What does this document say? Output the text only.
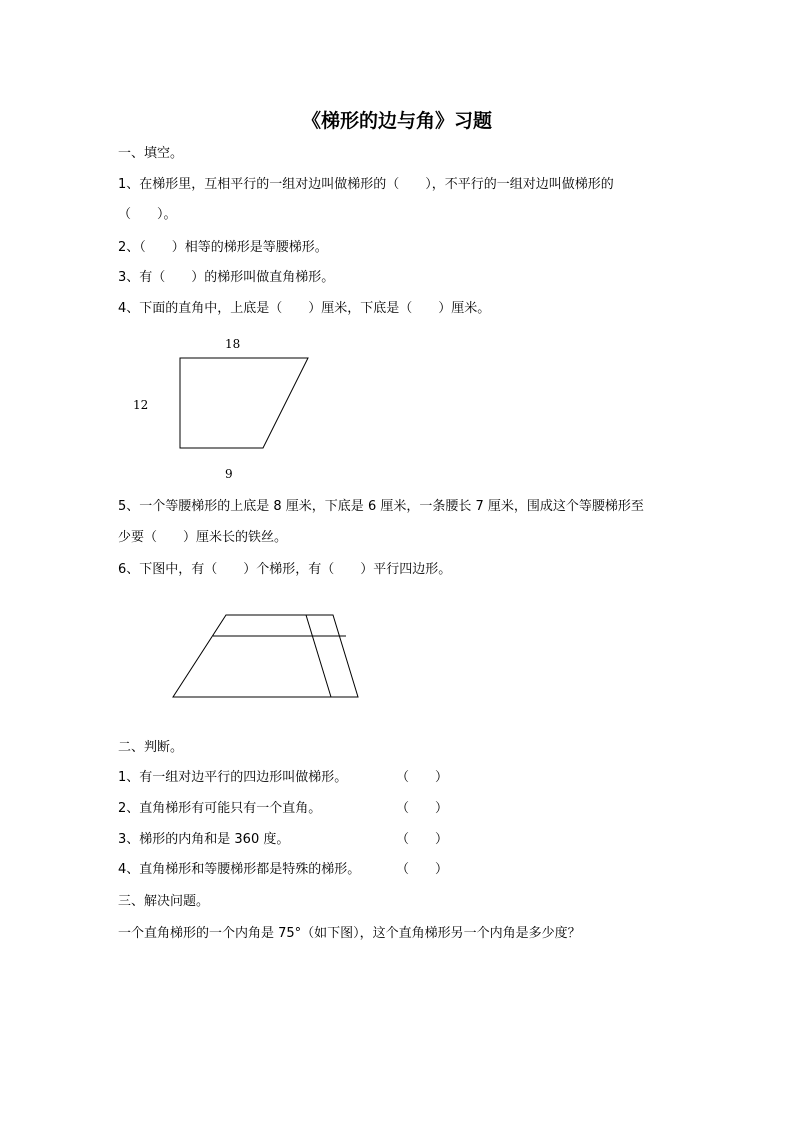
《梯形的边与角》习题
一、填空。
1、在梯形里，互相平行的一组对边叫做梯形的（　　），不平行的一组对边叫做梯形的
（　　）。
2、（　　）相等的梯形是等腰梯形。
3、有（　　）的梯形叫做直角梯形。
4、下面的直角中，上底是（　　）厘米，下底是（　　）厘米。
18
12
9
5、一个等腰梯形的上底是 8 厘米，下底是 6 厘米，一条腰长 7 厘米，围成这个等腰梯形至
少要（　　）厘米长的铁丝。
6、下图中，有（　　）个梯形，有（　　）平行四边形。
二、判断。
1、有一组对边平行的四边形叫做梯形。	（　　）
2、直角梯形有可能只有一个直角。	（　　）
3、梯形的内角和是 360 度。	（　　）
4、直角梯形和等腰梯形都是特殊的梯形。	（　　）
三、解决问题。
一个直角梯形的一个内角是 75°（如下图），这个直角梯形另一个内角是多少度？
